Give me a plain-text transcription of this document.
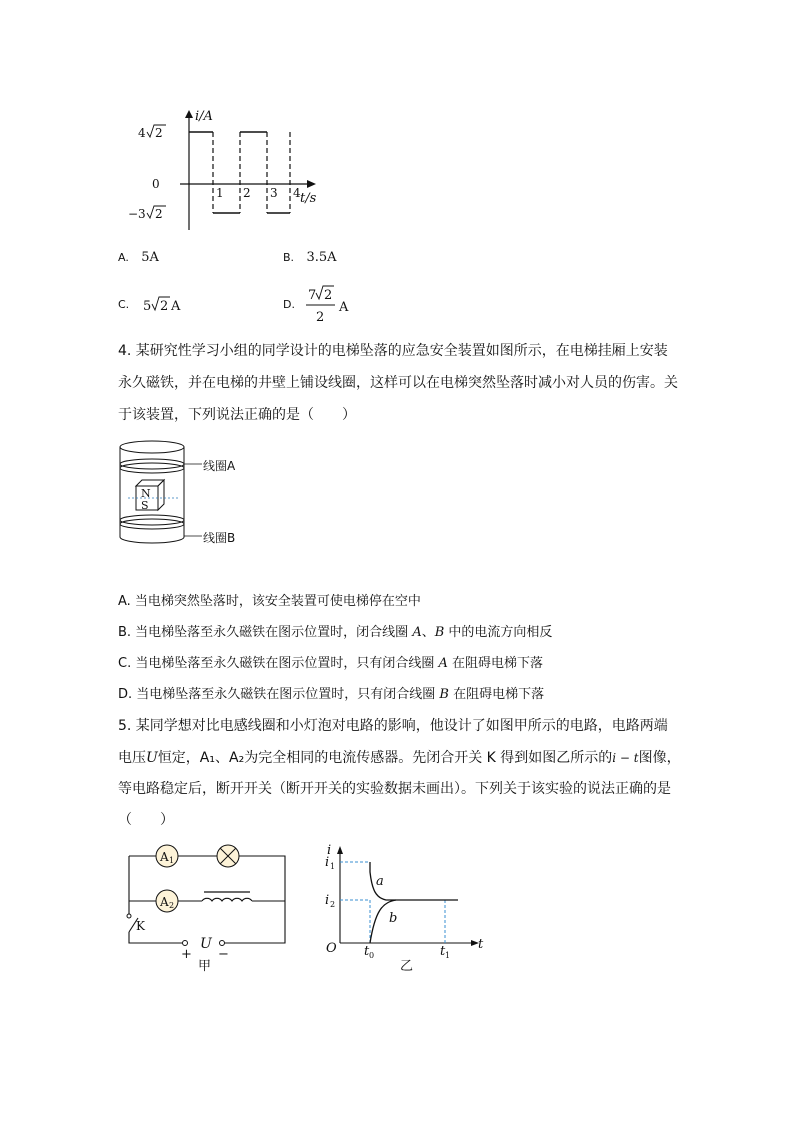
i/A
t/s
0
4 2
−3 2
1 2 3 4
A. 5A	B. 3.5A
C. 5 2 A	D.
7 2
2
A
4. 某研究性学习小组的同学设计的电梯坠落的应急安全装置如图所示，在电梯挂厢上安装
永久磁铁，并在电梯的井壁上铺设线圈，这样可以在电梯突然坠落时减小对人员的伤害。关
于该装置，下列说法正确的是（　　）
N
S
线圈A
线圈B
A. 当电梯突然坠落时，该安全装置可使电梯停在空中
B. 当电梯坠落至永久磁铁在图示位置时，闭合线圈 A、B 中的电流方向相反
C. 当电梯坠落至永久磁铁在图示位置时，只有闭合线圈 A 在阻碍电梯下落
D. 当电梯坠落至永久磁铁在图示位置时，只有闭合线圈 B 在阻碍电梯下落
5. 某同学想对比电感线圈和小灯泡对电路的影响，他设计了如图甲所示的电路，电路两端
电压U恒定，A₁、A₂为完全相同的电流传感器。先闭合开关 K 得到如图乙所示的i − t图像，
等电路稳定后，断开开关（断开开关的实验数据未画出）。下列关于该实验的说法正确的是
（　　）
A 1
A 2
K
+
U
−
甲
i
t
O
i 1
i 2
t 0	t 1
a
b
乙
